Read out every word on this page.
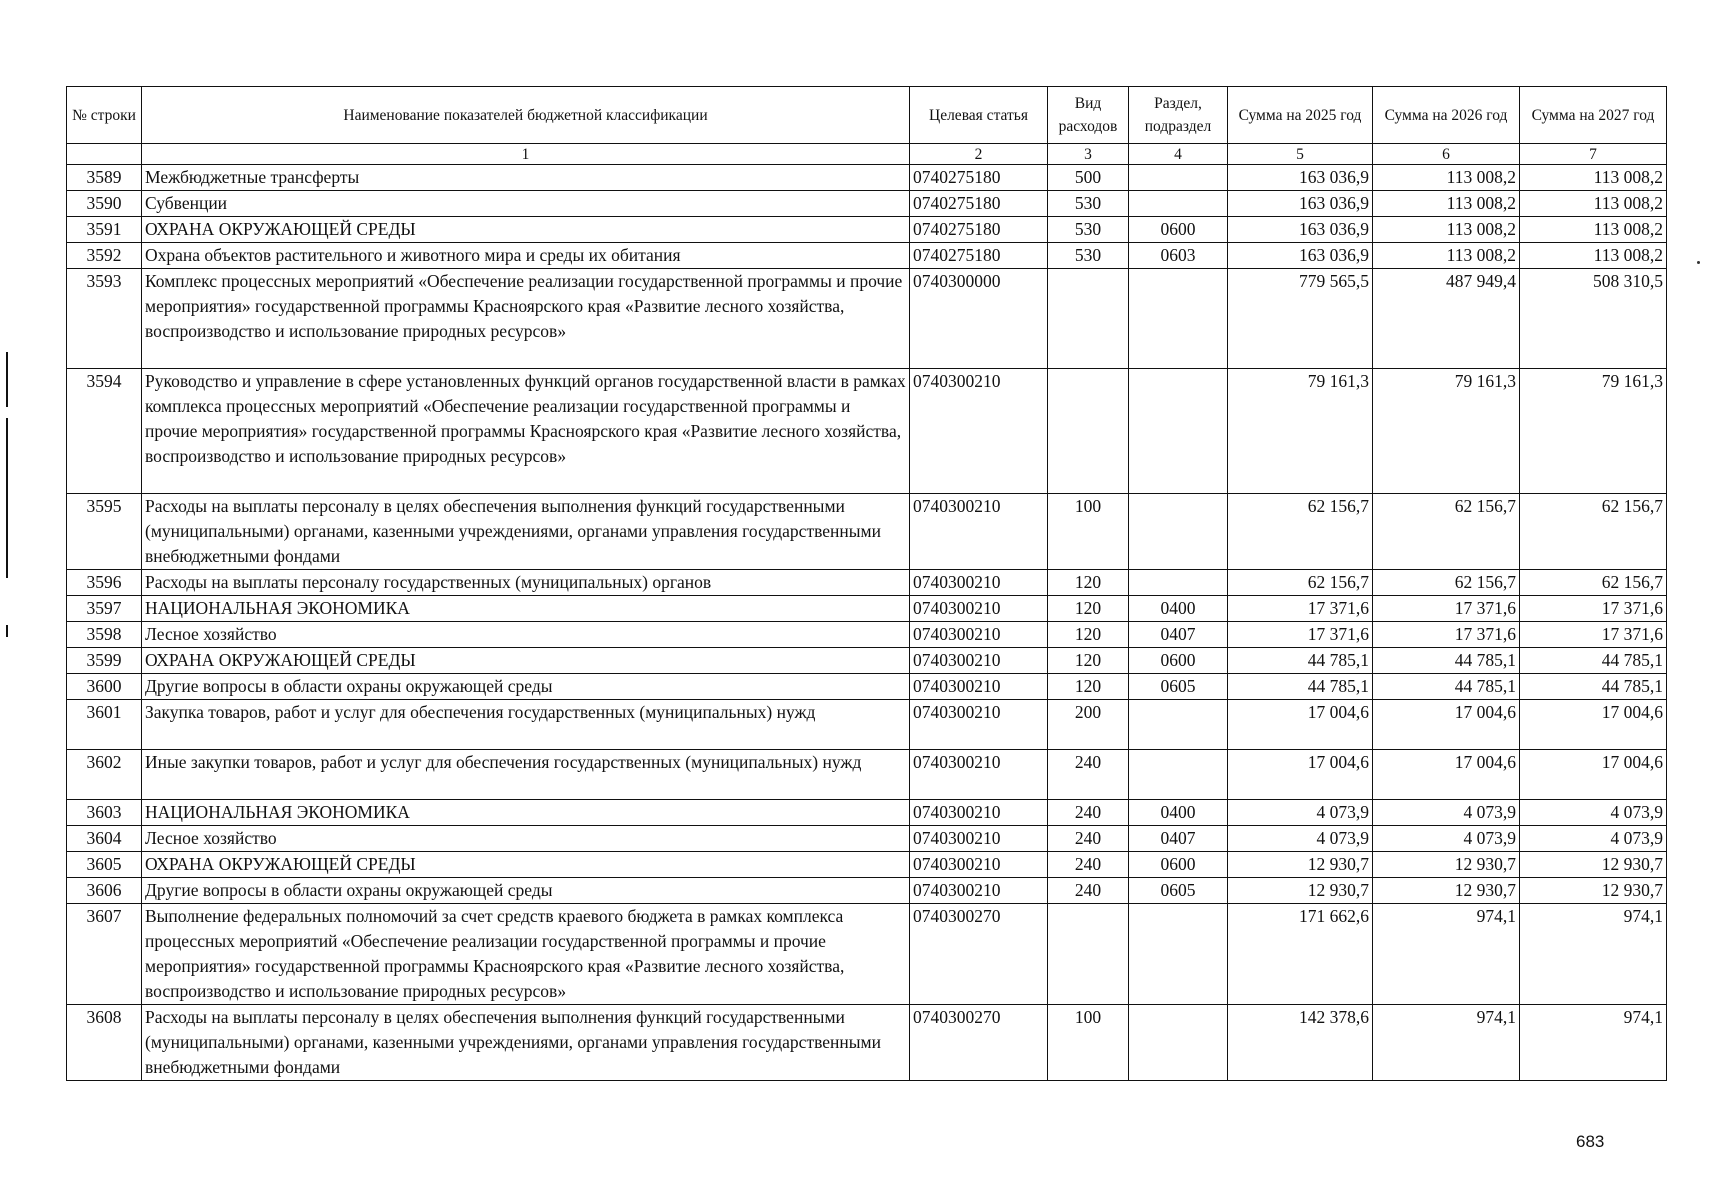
№ строки	Наименование показателей бюджетной классификации	Целевая статья	Вид расходов	Раздел, подраздел	Сумма на 2025 год	Сумма на 2026 год	Сумма на 2027 год
	1	2	3	4	5	6	7
3589	Межбюджетные трансферты	0740275180	500		163 036,9	113 008,2	113 008,2
3590	Субвенции	0740275180	530		163 036,9	113 008,2	113 008,2
3591	ОХРАНА ОКРУЖАЮЩЕЙ СРЕДЫ	0740275180	530	0600	163 036,9	113 008,2	113 008,2
3592	Охрана объектов растительного и животного мира и среды их обитания	0740275180	530	0603	163 036,9	113 008,2	113 008,2
3593	Комплекс процессных мероприятий «Обеспечение реализации государственной программы и прочие мероприятия» государственной программы Красноярского края «Развитие лесного хозяйства, воспроизводство и использование природных ресурсов»	0740300000			779 565,5	487 949,4	508 310,5
3594	Руководство и управление в сфере установленных функций органов государственной власти в рамках комплекса процессных мероприятий «Обеспечение реализации государственной программы и прочие мероприятия» государственной программы Красноярского края «Развитие лесного хозяйства, воспроизводство и использование природных ресурсов»	0740300210			79 161,3	79 161,3	79 161,3
3595	Расходы на выплаты персоналу в целях обеспечения выполнения функций государственными (муниципальными) органами, казенными учреждениями, органами управления государственными внебюджетными фондами	0740300210	100		62 156,7	62 156,7	62 156,7
3596	Расходы на выплаты персоналу государственных (муниципальных) органов	0740300210	120		62 156,7	62 156,7	62 156,7
3597	НАЦИОНАЛЬНАЯ ЭКОНОМИКА	0740300210	120	0400	17 371,6	17 371,6	17 371,6
3598	Лесное хозяйство	0740300210	120	0407	17 371,6	17 371,6	17 371,6
3599	ОХРАНА ОКРУЖАЮЩЕЙ СРЕДЫ	0740300210	120	0600	44 785,1	44 785,1	44 785,1
3600	Другие вопросы в области охраны окружающей среды	0740300210	120	0605	44 785,1	44 785,1	44 785,1
3601	Закупка товаров, работ и услуг для обеспечения государственных (муниципальных) нужд	0740300210	200		17 004,6	17 004,6	17 004,6
3602	Иные закупки товаров, работ и услуг для обеспечения государственных (муниципальных) нужд	0740300210	240		17 004,6	17 004,6	17 004,6
3603	НАЦИОНАЛЬНАЯ ЭКОНОМИКА	0740300210	240	0400	4 073,9	4 073,9	4 073,9
3604	Лесное хозяйство	0740300210	240	0407	4 073,9	4 073,9	4 073,9
3605	ОХРАНА ОКРУЖАЮЩЕЙ СРЕДЫ	0740300210	240	0600	12 930,7	12 930,7	12 930,7
3606	Другие вопросы в области охраны окружающей среды	0740300210	240	0605	12 930,7	12 930,7	12 930,7
3607	Выполнение федеральных полномочий за счет средств краевого бюджета в рамках комплекса процессных мероприятий «Обеспечение реализации государственной программы и прочие мероприятия» государственной программы Красноярского края «Развитие лесного хозяйства, воспроизводство и использование природных ресурсов»	0740300270			171 662,6	974,1	974,1
3608	Расходы на выплаты персоналу в целях обеспечения выполнения функций государственными (муниципальными) органами, казенными учреждениями, органами управления государственными внебюджетными фондами	0740300270	100		142 378,6	974,1	974,1
683
